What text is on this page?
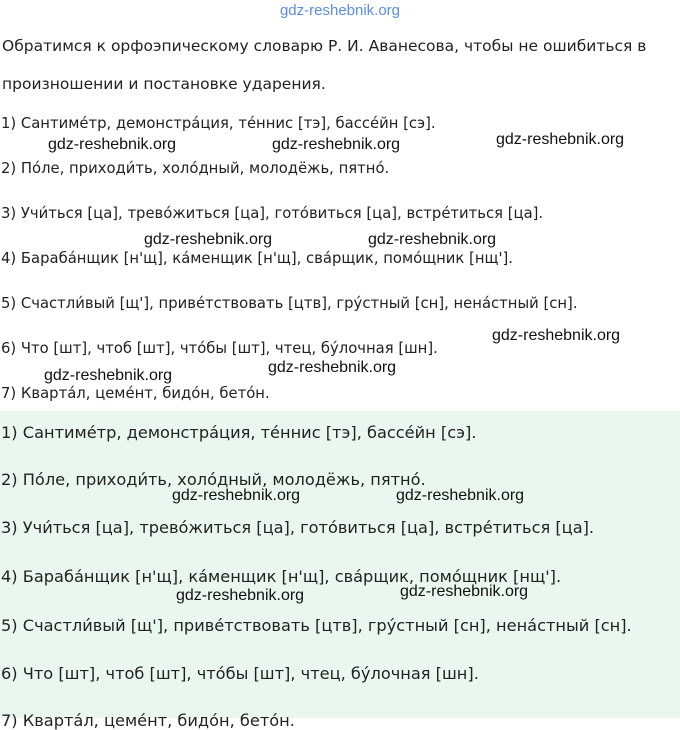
gdz-reshebnik.org
Обратимся к орфоэпическому словарю Р. И. Аванесова, чтобы не ошибиться в произношении и постановке ударения.
1) Сантиме́тр, демонстра́ция, те́ннис [тэ], бассе́йн [сэ].
2) По́ле, приходи́ть, холо́дный, молодёжь, пятно́.
3) Учи́ться [ца], трево́житься [ца], гото́виться [ца], встре́титься [ца].
4) Бараба́нщик [н'щ], ка́менщик [н'щ], сва́рщик, помо́щник [нщ'].
5) Счастли́вый [щ'], приве́тствовать [цтв], гру́стный [сн], нена́стный [сн].
6) Что [шт], чтоб [шт], что́бы [шт], чтец, бу́лочная [шн].
7) Кварта́л, цеме́нт, бидо́н, бето́н.
1) Сантиме́тр, демонстра́ция, те́ннис [тэ], бассе́йн [сэ].
2) По́ле, приходи́ть, холо́дный, молодёжь, пятно́.
3) Учи́ться [ца], трево́житься [ца], гото́виться [ца], встре́титься [ца].
4) Бараба́нщик [н'щ], ка́менщик [н'щ], сва́рщик, помо́щник [нщ'].
5) Счастли́вый [щ'], приве́тствовать [цтв], гру́стный [сн], нена́стный [сн].
6) Что [шт], чтоб [шт], что́бы [шт], чтец, бу́лочная [шн].
7) Кварта́л, цеме́нт, бидо́н, бето́н.
gdz-reshebnik.org
gdz-reshebnik.org	gdz-reshebnik.org
gdz-reshebnik.org	gdz-reshebnik.org
gdz-reshebnik.org
gdz-reshebnik.org
gdz-reshebnik.org
gdz-reshebnik.org	gdz-reshebnik.org
gdz-reshebnik.org
gdz-reshebnik.org
